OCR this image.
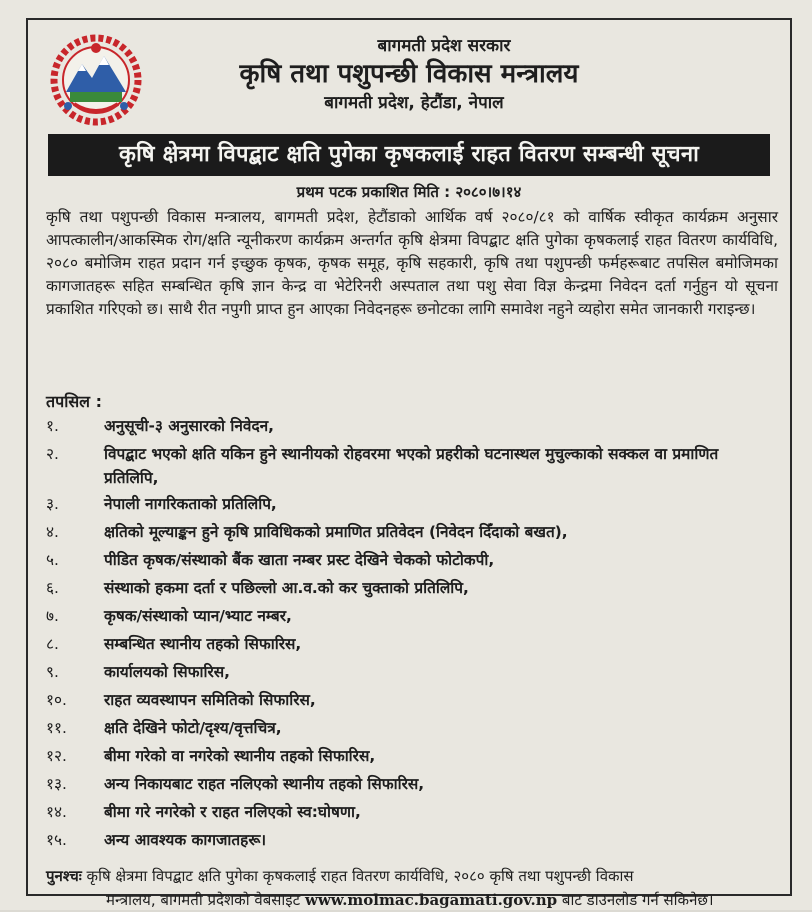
बागमती प्रदेश सरकार
कृषि तथा पशुपन्छी विकास मन्त्रालय
बागमती प्रदेश, हेटौंडा, नेपाल
कृषि क्षेत्रमा विपद्बाट क्षति पुगेका कृषकलाई राहत वितरण सम्बन्धी सूचना
प्रथम पटक प्रकाशित मिति : २०८०।७।१४
कृषि तथा पशुपन्छी विकास मन्त्रालय, बागमती प्रदेश, हेटौंडाको आर्थिक वर्ष २०८०/८१ को वार्षिक स्वीकृत कार्यक्रम अनुसार आपत्कालीन/आकस्मिक रोग/क्षति न्यूनीकरण कार्यक्रम अन्तर्गत कृषि क्षेत्रमा विपद्बाट क्षति पुगेका कृषकलाई राहत वितरण कार्यविधि, २०८० बमोजिम राहत प्रदान गर्न इच्छुक कृषक, कृषक समूह, कृषि सहकारी, कृषि तथा पशुपन्छी फर्महरूबाट तपसिल बमोजिमका कागजातहरू सहित सम्बन्धित कृषि ज्ञान केन्द्र वा भेटेरिनरी अस्पताल तथा पशु सेवा विज्ञ केन्द्रमा निवेदन दर्ता गर्नुहुन यो सूचना प्रकाशित गरिएको छ। साथै रीत नपुगी प्राप्त हुन आएका निवेदनहरू छनोटका लागि समावेश नहुने व्यहोरा समेत जानकारी गराइन्छ।
तपसिल :
१.	अनुसूची-३ अनुसारको निवेदन,
२.	विपद्बाट भएको क्षति यकिन हुने स्थानीयको रोहवरमा भएको प्रहरीको घटनास्थल मुचुल्काको सक्कल वा प्रमाणित प्रतिलिपि,
३.	नेपाली नागरिकताको प्रतिलिपि,
४.	क्षतिको मूल्याङ्कन हुने कृषि प्राविधिकको प्रमाणित प्रतिवेदन (निवेदन दिँदाको बखत),
५.	पीडित कृषक/संस्थाको बैंक खाता नम्बर प्रस्ट देखिने चेकको फोटोकपी,
६.	संस्थाको हकमा दर्ता र पछिल्लो आ.व.को कर चुक्ताको प्रतिलिपि,
७.	कृषक/संस्थाको प्यान/भ्याट नम्बर,
८.	सम्बन्धित स्थानीय तहको सिफारिस,
९.	कार्यालयको सिफारिस,
१०.	राहत व्यवस्थापन समितिको सिफारिस,
११.	क्षति देखिने फोटो/दृश्य/वृत्तचित्र,
१२.	बीमा गरेको वा नगरेको स्थानीय तहको सिफारिस,
१३.	अन्य निकायबाट राहत नलिएको स्थानीय तहको सिफारिस,
१४.	बीमा गरे नगरेको र राहत नलिएको स्व:घोषणा,
१५.	अन्य आवश्यक कागजातहरू।
पुनश्चः कृषि क्षेत्रमा विपद्बाट क्षति पुगेका कृषकलाई राहत वितरण कार्यविधि, २०८० कृषि तथा पशुपन्छी विकास
मन्त्रालय, बागमती प्रदेशको वेबसाइट www.molmac.bagamati.gov.np बाट डाउनलोड गर्न सकिनेछ।
